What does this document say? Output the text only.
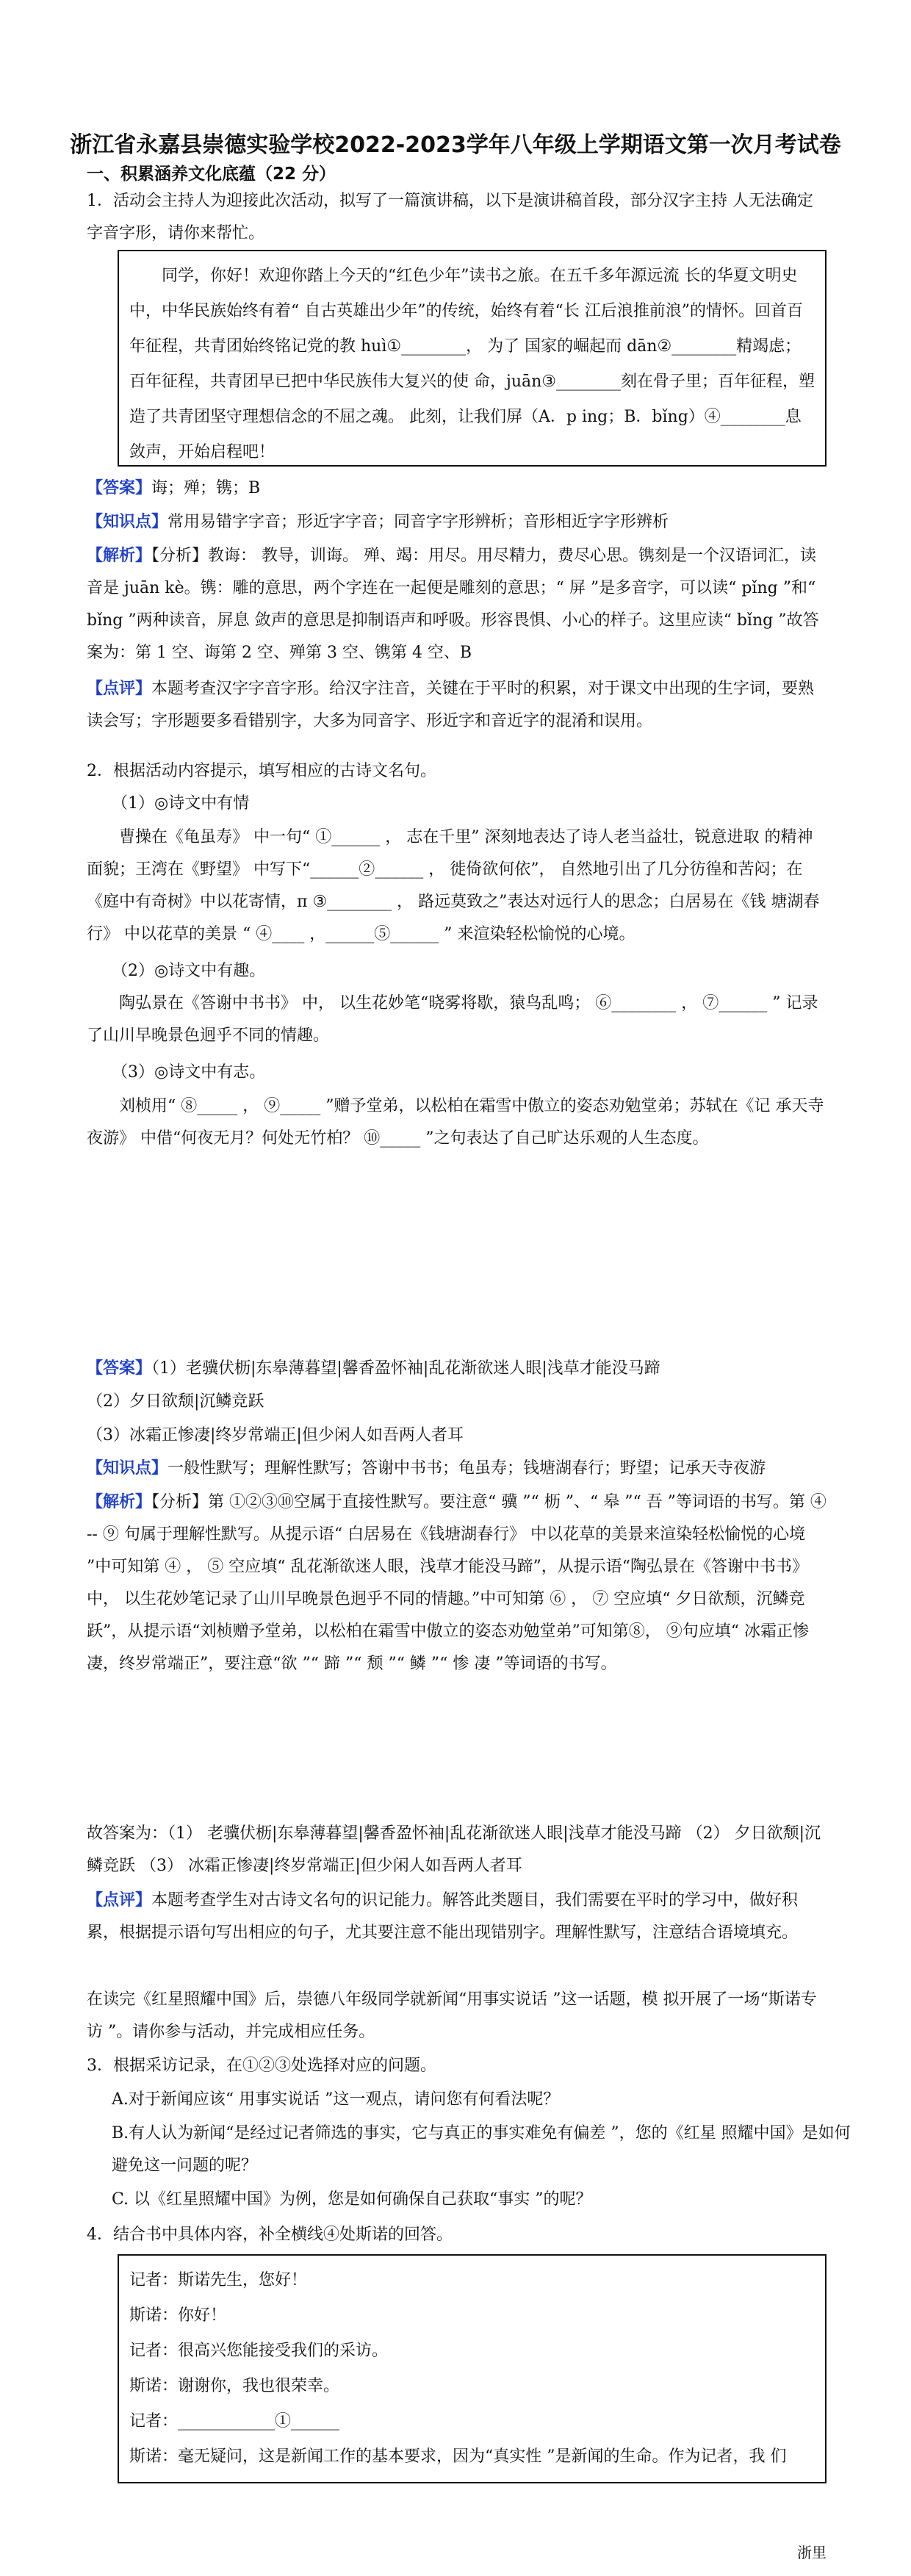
浙江省永嘉县崇德实验学校2022-2023学年八年级上学期语文第一次月考试卷
一、积累涵养文化底蕴（22 分）

1．活动会主持人为迎接此次活动，拟写了一篇演讲稿，以下是演讲稿首段，部分汉字主持 人无法确定字音字形，请你来帮忙。

同学，你好！欢迎你踏上今天的“红色少年”读书之旅。在五千多年源远流 长的华夏文明史中，中华民族始终有着“ 自古英雄出少年”的传统，始终有着“长 江后浪推前浪”的情怀。回首百年征程，共青团始终铭记党的教 huì①________， 为了 国家的崛起而 dān②________精竭虑；百年征程，共青团早已把中华民族伟大复兴的使 命，juān③________刻在骨子里；百年征程，塑造了共青团坚守理想信念的不屈之魂。 此刻，让我们屏（A．p ing；B．bǐng）④________息敛声，开始启程吧！

【答案】诲；殚；镌；B

【知识点】常用易错字字音；形近字字音；同音字字形辨析；音形相近字字形辨析

【解析】【分析】教诲： 教导，训诲。 殚、竭：用尽。用尽精力，费尽心思。镌刻是一个汉语词汇，读音是 juān kè。镌：雕的意思，两个字连在一起便是雕刻的意思；“ 屏 ”是多音字，可以读“ pǐng ”和“ bǐng ”两种读音，屏息 敛声的意思是抑制语声和呼吸。形容畏惧、小心的样子。这里应读“ bǐng ”故答案为：第 1 空、诲第 2 空、殚第 3 空、镌第 4 空、B

【点评】本题考查汉字字音字形。给汉字注音，关键在于平时的积累，对于课文中出现的生字词，要熟读会写；字形题要多看错别字，大多为同音字、形近字和音近字的混淆和误用。

2．根据活动内容提示，填写相应的古诗文名句。

（1）◎诗文中有情

曹操在《龟虽寿》 中一句“ ①______ ， 志在千里” 深刻地表达了诗人老当益壮，锐意进取 的精神面貌；王湾在《野望》 中写下“______②______ ， 徙倚欲何依”， 自然地引出了几分彷徨和苦闷；在《庭中有奇树》中以花寄情，π ③________ ， 路远莫致之”表达对远行人的思念；白居易在《钱 塘湖春行》 中以花草的美景 “ ④____ ，______⑤______ ” 来渲染轻松愉悦的心境。

（2）◎诗文中有趣。

陶弘景在《答谢中书书》 中， 以生花妙笔“晓雾将歇，猿鸟乱鸣； ⑥________ ， ⑦______ ” 记录了山川早晚景色迥乎不同的情趣。

（3）◎诗文中有志。

刘桢用“ ⑧_____ ， ⑨_____ ”赠予堂弟，以松柏在霜雪中傲立的姿态劝勉堂弟；苏轼在《记 承天寺夜游》 中借“何夜无月？何处无竹柏？ ⑩_____ ”之句表达了自己旷达乐观的人生态度。

【答案】（1）老骥伏枥|东皋薄暮望|馨香盈怀袖|乱花渐欲迷人眼|浅草才能没马蹄

（2）夕日欲颓|沉鳞竞跃

（3）冰霜正惨凄|终岁常端正|但少闲人如吾两人者耳

【知识点】一般性默写；理解性默写；答谢中书书；龟虽寿；钱塘湖春行；野望；记承天寺夜游

【解析】【分析】第 ①②③⑩空属于直接性默写。要注意“ 骥 ”“ 枥 ”、“ 皋 ”“ 吾 ”等词语的书写。第 ④ -- ⑨ 句属于理解性默写。从提示语“ 白居易在《钱塘湖春行》 中以花草的美景来渲染轻松愉悦的心境 ”中可知第 ④ ， ⑤ 空应填“ 乱花渐欲迷人眼，浅草才能没马蹄”，从提示语“陶弘景在《答谢中书书》 中， 以生花妙笔记录了山川早晚景色迥乎不同的情趣。”中可知第 ⑥ ， ⑦ 空应填“ 夕日欲颓，沉鳞竞跃”，从提示语“刘桢赠予堂弟，以松柏在霜雪中傲立的姿态劝勉堂弟”可知第⑧， ⑨句应填“ 冰霜正惨凄，终岁常端正”，要注意“欲 ”“ 蹄 ”“ 颓 ”“ 鳞 ”“ 惨 凄 ”等词语的书写。

故答案为：（1） 老骥伏枥|东皋薄暮望|馨香盈怀袖|乱花渐欲迷人眼|浅草才能没马蹄 （2） 夕日欲颓|沉鳞竞跃 （3） 冰霜正惨凄|终岁常端正|但少闲人如吾两人者耳

【点评】本题考查学生对古诗文名句的识记能力。解答此类题目，我们需要在平时的学习中，做好积累，根据提示语句写出相应的句子，尤其要注意不能出现错别字。理解性默写，注意结合语境填充。

在读完《红星照耀中国》后，崇德八年级同学就新闻“用事实说话 ”这一话题，模 拟开展了一场“斯诺专访 ”。请你参与活动，并完成相应任务。

3．根据采访记录，在①②③处选择对应的问题。

A.对于新闻应该“ 用事实说话 ”这一观点，请问您有何看法呢？

B.有人认为新闻“是经过记者筛选的事实，它与真正的事实难免有偏差 ”，您的《红星 照耀中国》是如何避免这一问题的呢？

C. 以《红星照耀中国》为例，您是如何确保自己获取“事实 ”的呢？

4．结合书中具体内容，补全横线④处斯诺的回答。

记者：斯诺先生，您好！

斯诺：你好！

记者：很高兴您能接受我们的采访。

斯诺：谢谢你，我也很荣幸。

记者：____________①______

斯诺：毫无疑问，这是新闻工作的基本要求，因为“真实性 ”是新闻的生命。作为记者，我 们

浙里
